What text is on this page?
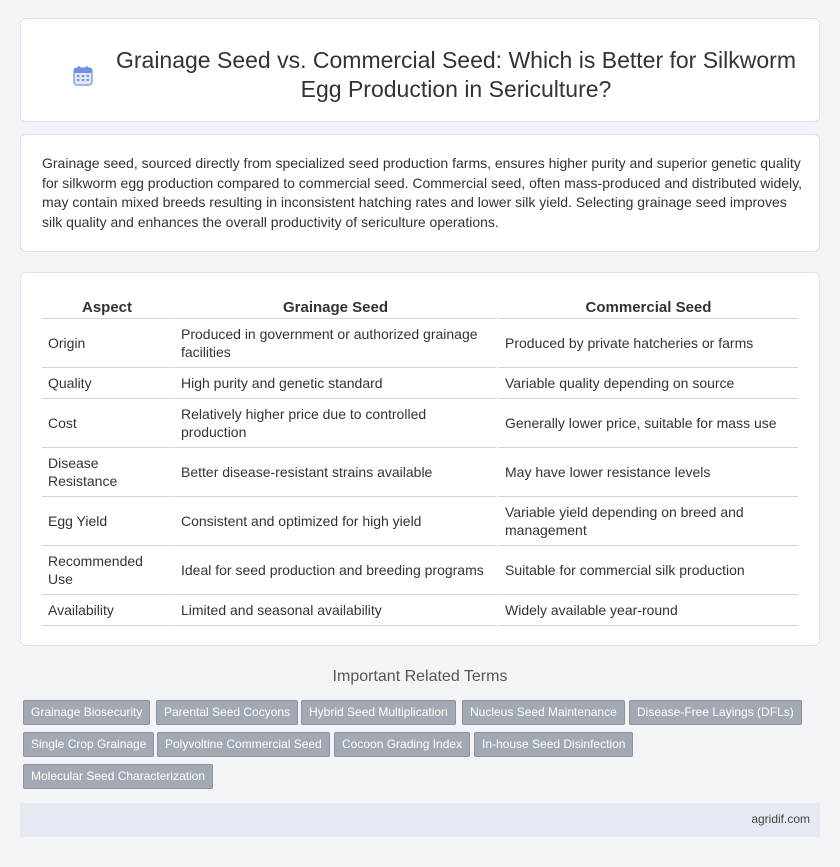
Grainage Seed vs. Commercial Seed: Which is Better for Silkworm Egg Production in Sericulture?

Grainage seed, sourced directly from specialized seed production farms, ensures higher purity and superior genetic quality for silkworm egg production compared to commercial seed. Commercial seed, often mass-produced and distributed widely, may contain mixed breeds resulting in inconsistent hatching rates and lower silk yield. Selecting grainage seed improves silk quality and enhances the overall productivity of sericulture operations.

Aspect	Grainage Seed	Commercial Seed
Origin	Produced in government or authorized grainage facilities	Produced by private hatcheries or farms
Quality	High purity and genetic standard	Variable quality depending on source
Cost	Relatively higher price due to controlled production	Generally lower price, suitable for mass use
Disease Resistance	Better disease-resistant strains available	May have lower resistance levels
Egg Yield	Consistent and optimized for high yield	Variable yield depending on breed and management
Recommended Use	Ideal for seed production and breeding programs	Suitable for commercial silk production
Availability	Limited and seasonal availability	Widely available year-round
Important Related Terms
Grainage Biosecurity	Parental Seed Cocyons	Hybrid Seed Multiplication	Nucleus Seed Maintenance	Disease-Free Layings (DFLs)
Single Crop Grainage	Polyvoltine Commercial Seed	Cocoon Grading Index	In-house Seed Disinfection
Molecular Seed Characterization
agridif.com
